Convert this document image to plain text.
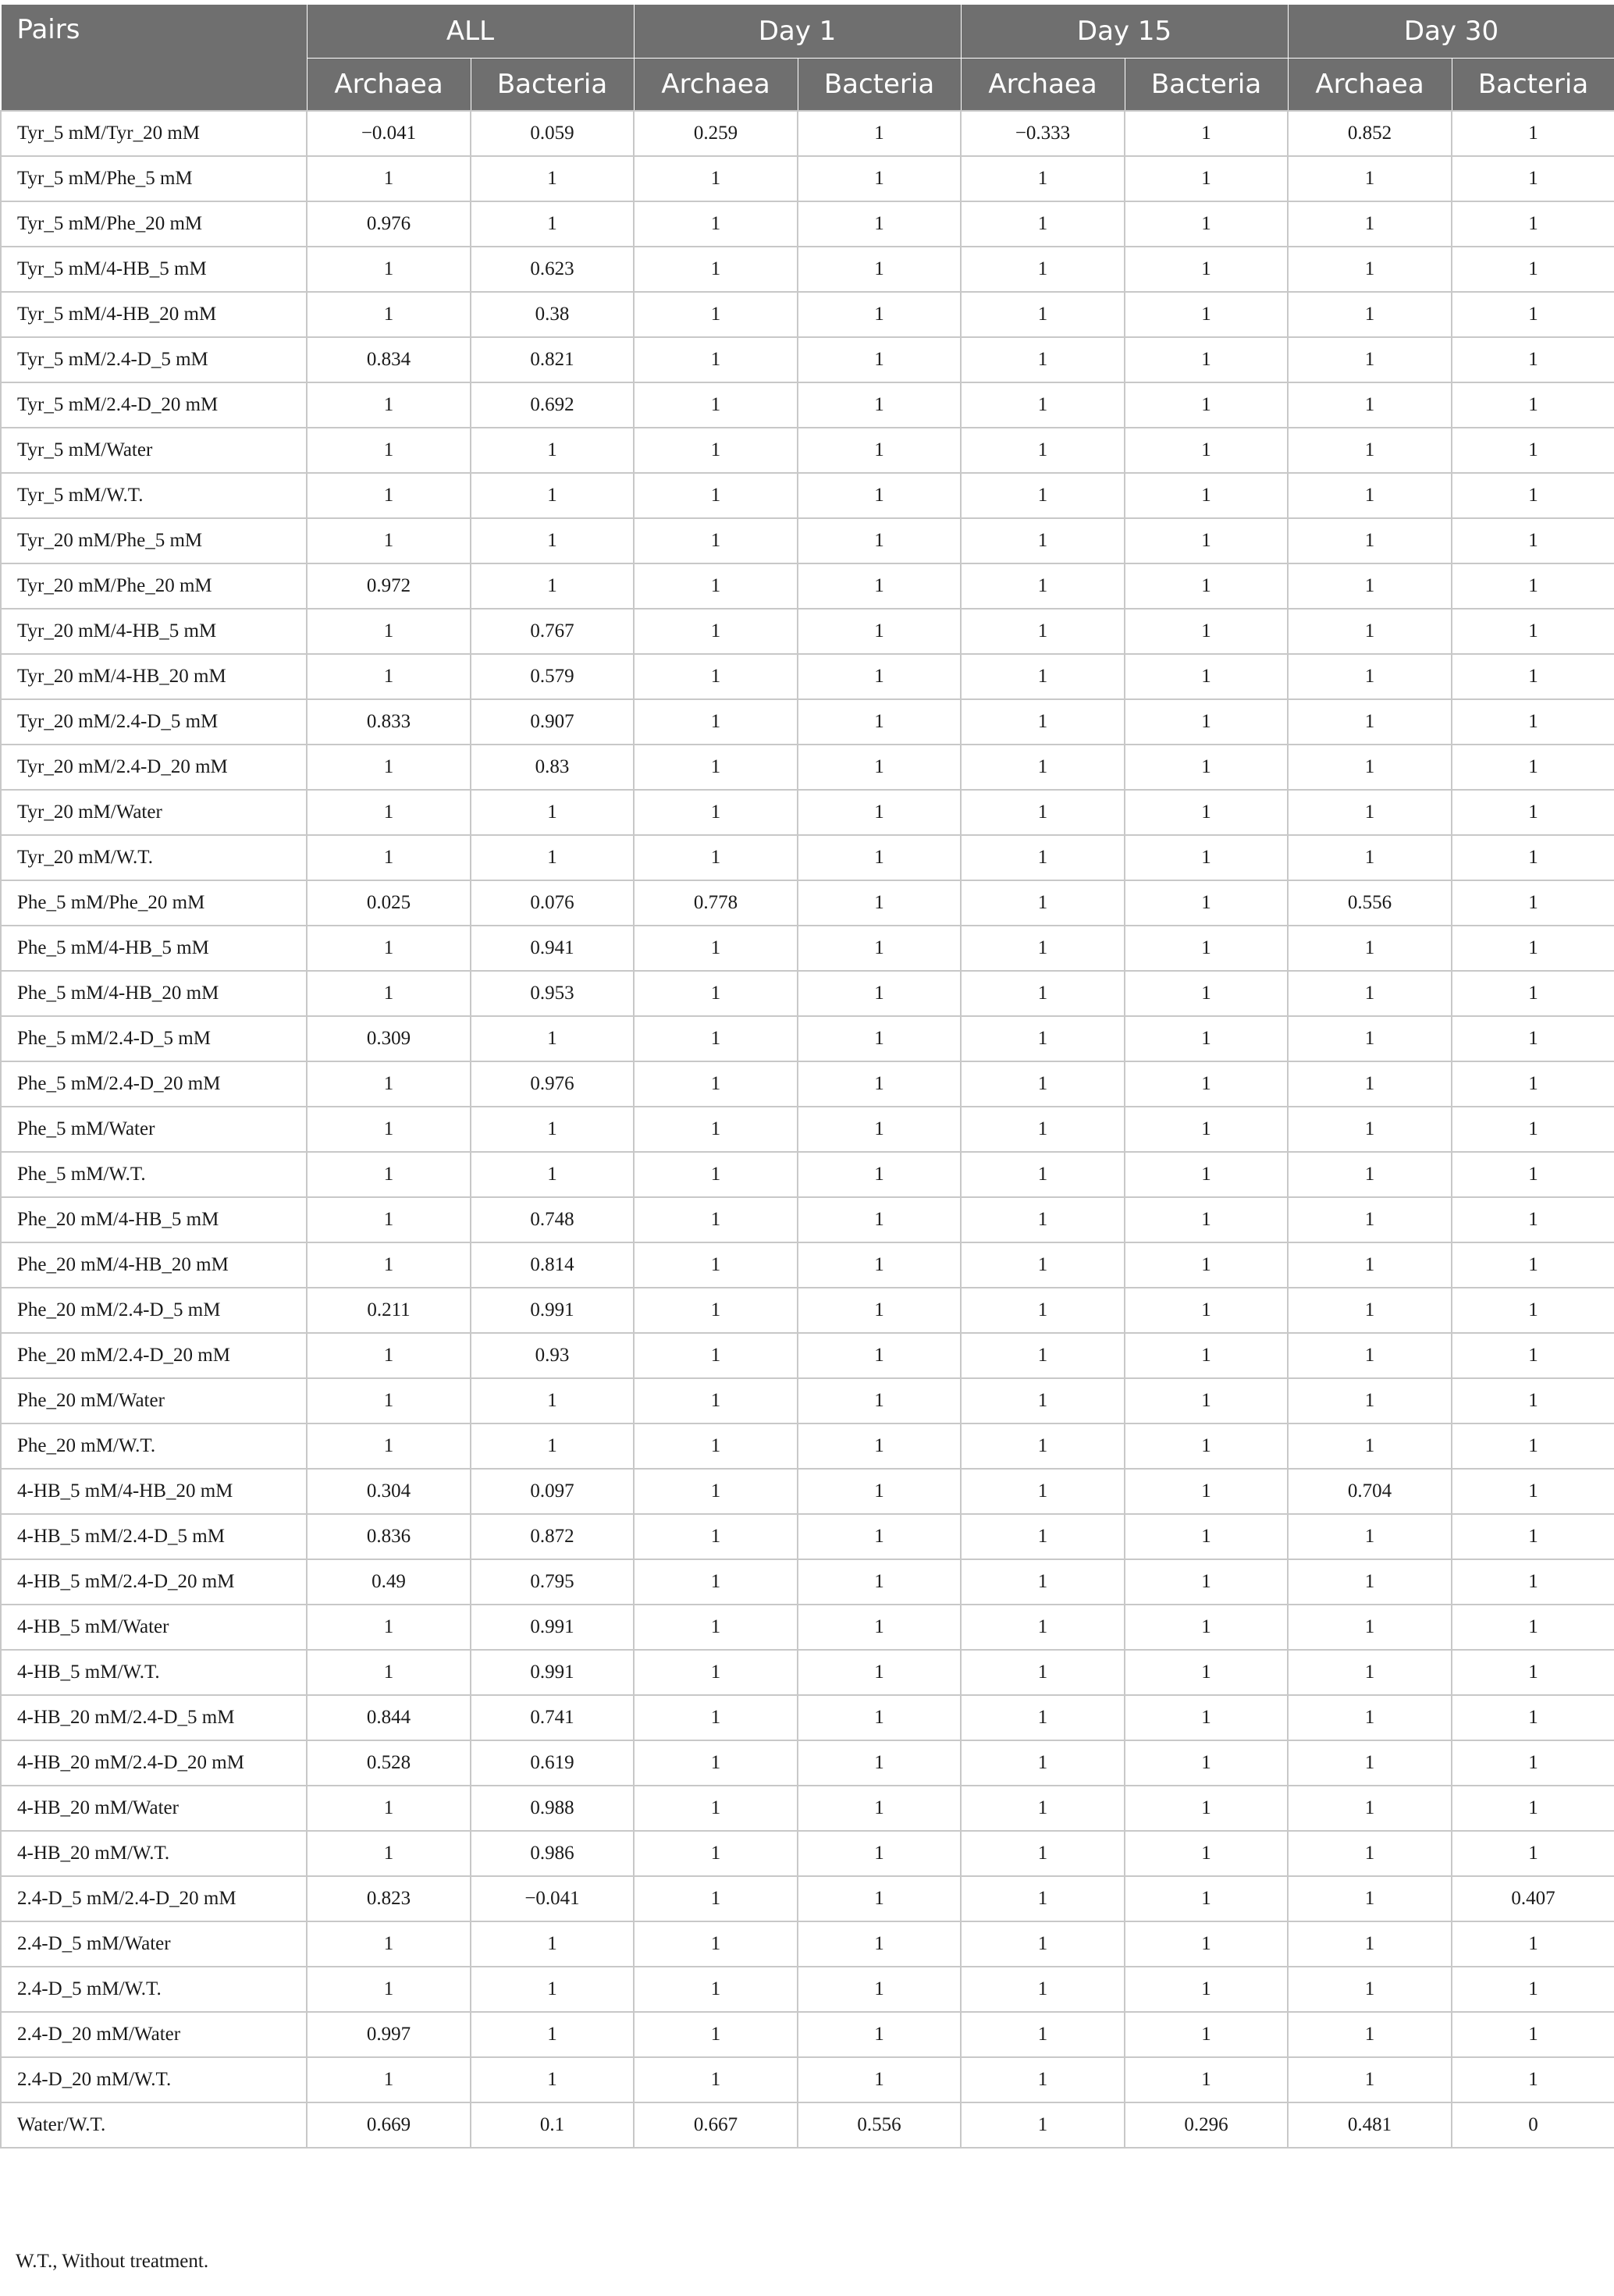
Pairs	ALL		Day 1		Day 15		Day 30	
	Archaea	Bacteria	Archaea	Bacteria	Archaea	Bacteria	Archaea	Bacteria
Tyr_5 mM/Tyr_20 mM	−0.041	0.059	0.259	1	−0.333	1	0.852	1
Tyr_5 mM/Phe_5 mM	1	1	1	1	1	1	1	1
Tyr_5 mM/Phe_20 mM	0.976	1	1	1	1	1	1	1
Tyr_5 mM/4-HB_5 mM	1	0.623	1	1	1	1	1	1
Tyr_5 mM/4-HB_20 mM	1	0.38	1	1	1	1	1	1
Tyr_5 mM/2.4-D_5 mM	0.834	0.821	1	1	1	1	1	1
Tyr_5 mM/2.4-D_20 mM	1	0.692	1	1	1	1	1	1
Tyr_5 mM/Water	1	1	1	1	1	1	1	1
Tyr_5 mM/W.T.	1	1	1	1	1	1	1	1
Tyr_20 mM/Phe_5 mM	1	1	1	1	1	1	1	1
Tyr_20 mM/Phe_20 mM	0.972	1	1	1	1	1	1	1
Tyr_20 mM/4-HB_5 mM	1	0.767	1	1	1	1	1	1
Tyr_20 mM/4-HB_20 mM	1	0.579	1	1	1	1	1	1
Tyr_20 mM/2.4-D_5 mM	0.833	0.907	1	1	1	1	1	1
Tyr_20 mM/2.4-D_20 mM	1	0.83	1	1	1	1	1	1
Tyr_20 mM/Water	1	1	1	1	1	1	1	1
Tyr_20 mM/W.T.	1	1	1	1	1	1	1	1
Phe_5 mM/Phe_20 mM	0.025	0.076	0.778	1	1	1	0.556	1
Phe_5 mM/4-HB_5 mM	1	0.941	1	1	1	1	1	1
Phe_5 mM/4-HB_20 mM	1	0.953	1	1	1	1	1	1
Phe_5 mM/2.4-D_5 mM	0.309	1	1	1	1	1	1	1
Phe_5 mM/2.4-D_20 mM	1	0.976	1	1	1	1	1	1
Phe_5 mM/Water	1	1	1	1	1	1	1	1
Phe_5 mM/W.T.	1	1	1	1	1	1	1	1
Phe_20 mM/4-HB_5 mM	1	0.748	1	1	1	1	1	1
Phe_20 mM/4-HB_20 mM	1	0.814	1	1	1	1	1	1
Phe_20 mM/2.4-D_5 mM	0.211	0.991	1	1	1	1	1	1
Phe_20 mM/2.4-D_20 mM	1	0.93	1	1	1	1	1	1
Phe_20 mM/Water	1	1	1	1	1	1	1	1
Phe_20 mM/W.T.	1	1	1	1	1	1	1	1
4-HB_5 mM/4-HB_20 mM	0.304	0.097	1	1	1	1	0.704	1
4-HB_5 mM/2.4-D_5 mM	0.836	0.872	1	1	1	1	1	1
4-HB_5 mM/2.4-D_20 mM	0.49	0.795	1	1	1	1	1	1
4-HB_5 mM/Water	1	0.991	1	1	1	1	1	1
4-HB_5 mM/W.T.	1	0.991	1	1	1	1	1	1
4-HB_20 mM/2.4-D_5 mM	0.844	0.741	1	1	1	1	1	1
4-HB_20 mM/2.4-D_20 mM	0.528	0.619	1	1	1	1	1	1
4-HB_20 mM/Water	1	0.988	1	1	1	1	1	1
4-HB_20 mM/W.T.	1	0.986	1	1	1	1	1	1
2.4-D_5 mM/2.4-D_20 mM	0.823	−0.041	1	1	1	1	1	0.407
2.4-D_5 mM/Water	1	1	1	1	1	1	1	1
2.4-D_5 mM/W.T.	1	1	1	1	1	1	1	1
2.4-D_20 mM/Water	0.997	1	1	1	1	1	1	1
2.4-D_20 mM/W.T.	1	1	1	1	1	1	1	1
Water/W.T.	0.669	0.1	0.667	0.556	1	0.296	0.481	0
W.T., Without treatment.
